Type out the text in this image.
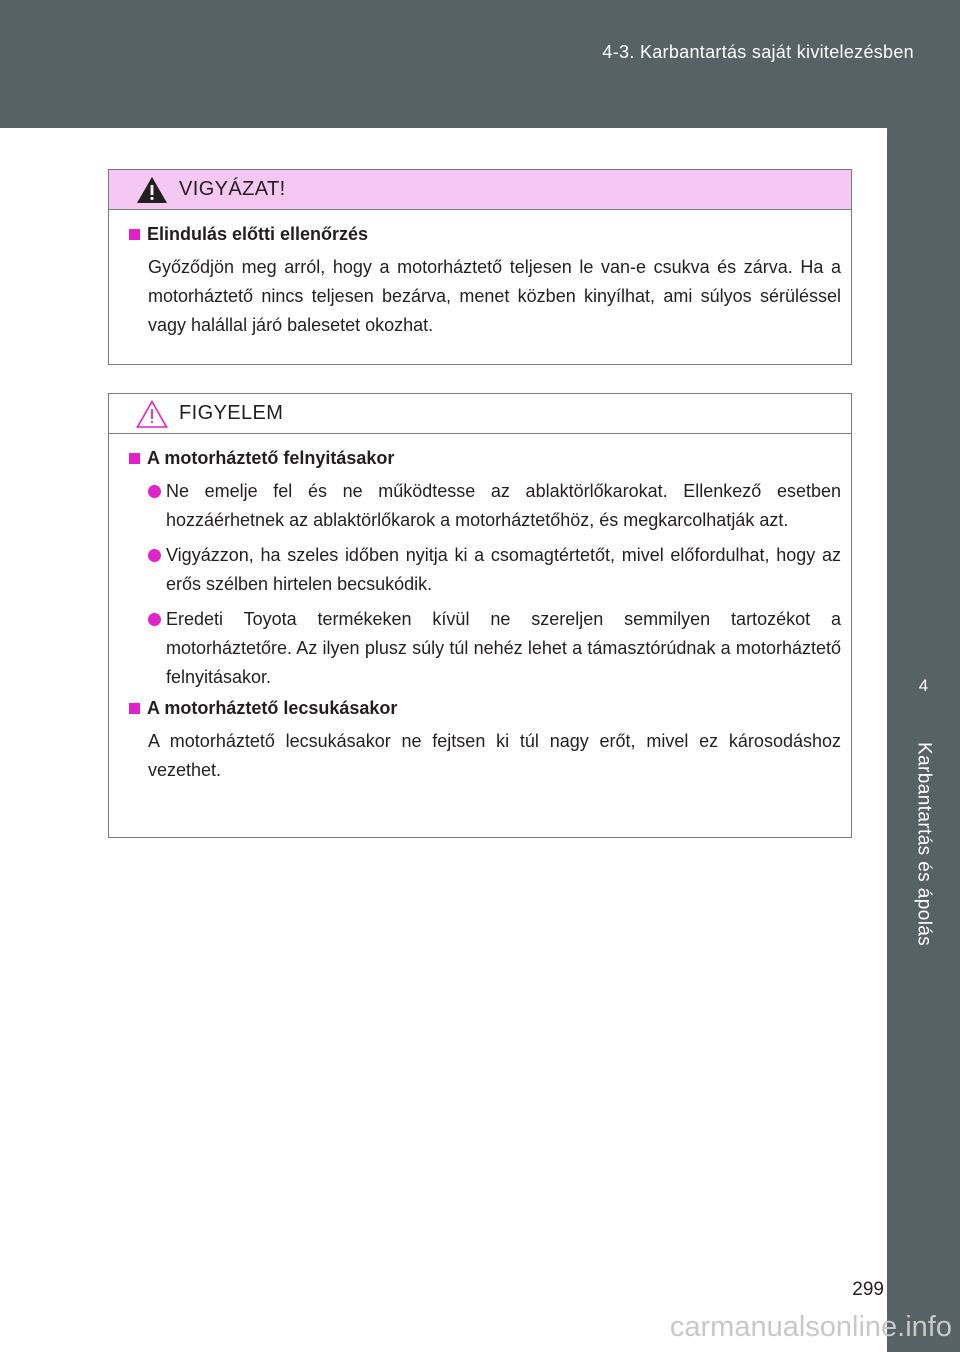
4-3. Karbantartás saját kivitelezésben
4
Karbantartás és ápolás
VIGYÁZAT!
Elindulás előtti ellenőrzés
Győződjön meg arról, hogy a motorháztető teljesen le van-e csukva és zárva. Ha a motorháztető nincs teljesen bezárva, menet közben kinyílhat, ami súlyos sérüléssel vagy halállal járó balesetet okozhat.
FIGYELEM
A motorháztető felnyitásakor
Ne emelje fel és ne működtesse az ablaktörlőkarokat. Ellenkező esetben hozzáérhetnek az ablaktörlőkarok a motorháztetőhöz, és megkarcolhatják azt.
Vigyázzon, ha szeles időben nyitja ki a csomagtértetőt, mivel előfordulhat, hogy az erős szélben hirtelen becsukódik.
Eredeti Toyota termékeken kívül ne szereljen semmilyen tartozékot a motorháztetőre. Az ilyen plusz súly túl nehéz lehet a támasztórúdnak a motorháztető felnyitásakor.
A motorháztető lecsukásakor
A motorháztető lecsukásakor ne fejtsen ki túl nagy erőt, mivel ez károsodáshoz vezethet.
299
carmanualsonline.info
